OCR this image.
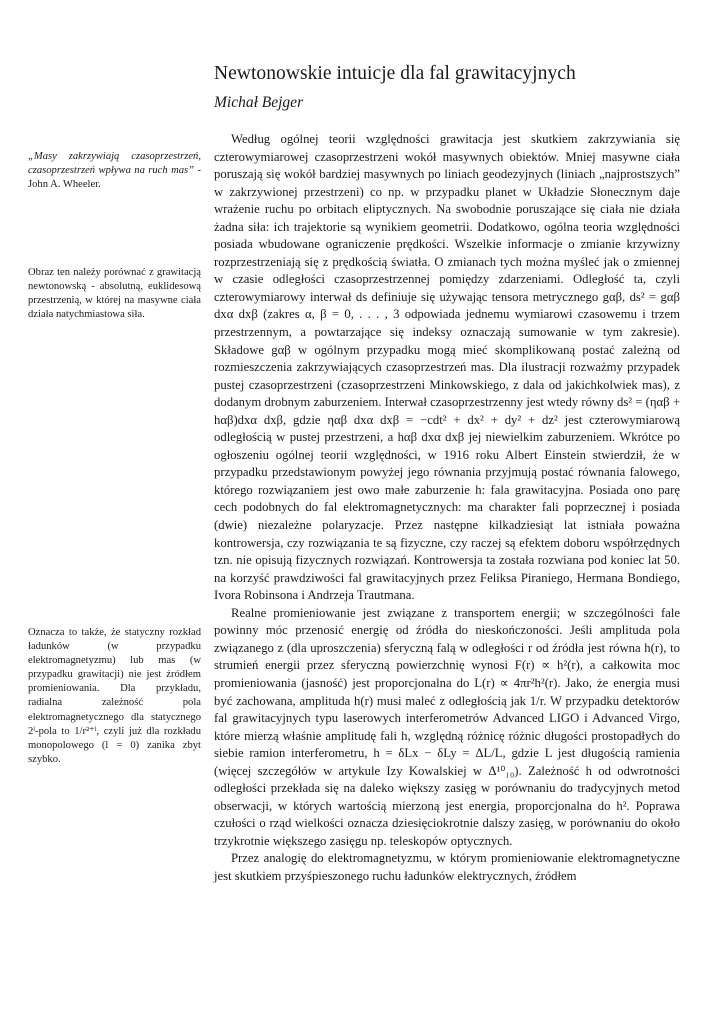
Newtonowskie intuicje dla fal grawitacyjnych
Michał Bejger
„Masy zakrzywiają czasoprzestrzeń, czasoprzestrzeń wpływa na ruch mas” - John A. Wheeler.
Obraz ten należy porównać z grawitacją newtonowską - absolutną, euklidesową przestrzenią, w której na masywne ciała działa natychmiastowa siła.
Oznacza to także, że statyczny rozkład ładunków (w przypadku elektromagnetyzmu) lub mas (w przypadku grawitacji) nie jest źródłem promieniowania. Dla przykładu, radialna zależność pola elektromagnetycznego dla statycznego 2ˡ-pola to 1/r²⁺ˡ, czyli już dla rozkładu monopolowego (l = 0) zanika zbyt szybko.

Według ogólnej teorii względności grawitacja jest skutkiem zakrzywiania się czterowymiarowej czasoprzestrzeni wokół masywnych obiektów. Mniej masywne ciała poruszają się wokół bardziej masywnych po liniach geodezyjnych (liniach „najprostszych” w zakrzywionej przestrzeni) co np. w przypadku planet w Układzie Słonecznym daje wrażenie ruchu po orbitach eliptycznych. Na swobodnie poruszające się ciała nie działa żadna siła: ich trajektorie są wynikiem geometrii. Dodatkowo, ogólna teoria względności posiada wbudowane ograniczenie prędkości. Wszelkie informacje o zmianie krzywizny rozprzestrzeniają się z prędkością światła. O zmianach tych można myśleć jak o zmiennej w czasie odległości czasoprzestrzennej pomiędzy zdarzeniami. Odległość ta, czyli czterowymiarowy interwał ds definiuje się używając tensora metrycznego gαβ, ds² = gαβ dxα dxβ (zakres α, β = 0, . . . , 3 odpowiada jednemu wymiarowi czasowemu i trzem przestrzennym, a powtarzające się indeksy oznaczają sumowanie w tym zakresie). Składowe gαβ w ogólnym przypadku mogą mieć skomplikowaną postać zależną od rozmieszczenia zakrzywiających czasoprzestrzeń mas. Dla ilustracji rozważmy przypadek pustej czasoprzestrzeni (czasoprzestrzeni Minkowskiego, z dala od jakichkolwiek mas), z dodanym drobnym zaburzeniem. Interwał czasoprzestrzenny jest wtedy równy ds² = (ηαβ + hαβ)dxα dxβ, gdzie ηαβ dxα dxβ = −cdt² + dx² + dy² + dz² jest czterowymiarową odległością w pustej przestrzeni, a hαβ dxα dxβ jej niewielkim zaburzeniem. Wkrótce po ogłoszeniu ogólnej teorii względności, w 1916 roku Albert Einstein stwierdził, że w przypadku przedstawionym powyżej jego równania przyjmują postać równania falowego, którego rozwiązaniem jest owo małe zaburzenie h: fala grawitacyjna. Posiada ono parę cech podobnych do fal elektromagnetycznych: ma charakter fali poprzecznej i posiada (dwie) niezależne polaryzacje. Przez następne kilkadziesiąt lat istniała poważna kontrowersja, czy rozwiązania te są fizyczne, czy raczej są efektem doboru współrzędnych tzn. nie opisują fizycznych rozwiązań. Kontrowersja ta została rozwiana pod koniec lat 50. na korzyść prawdziwości fal grawitacyjnych przez Feliksa Piraniego, Hermana Bondiego, Ivora Robinsona i Andrzeja Trautmana.

Realne promieniowanie jest związane z transportem energii; w szczególności fale powinny móc przenosić energię od źródła do nieskończoności. Jeśli amplituda pola związanego z (dla uproszczenia) sferyczną falą w odległości r od źródła jest równa h(r), to strumień energii przez sferyczną powierzchnię wynosi F(r) ∝ h²(r), a całkowita moc promieniowania (jasność) jest proporcjonalna do L(r) ∝ 4πr²h²(r). Jako, że energia musi być zachowana, amplituda h(r) musi maleć z odległością jak 1/r. W przypadku detektorów fal grawitacyjnych typu laserowych interferometrów Advanced LIGO i Advanced Virgo, które mierzą właśnie amplitudę fali h, względną różnicę różnic długości prostopadłych do siebie ramion interferometru, h = δLx − δLy = ΔL/L, gdzie L jest długością ramienia (więcej szczegółów w artykule Izy Kowalskiej w Δ¹⁰₁₀). Zależność h od odwrotności odległości przekłada się na daleko większy zasięg w porównaniu do tradycyjnych metod obserwacji, w których wartością mierzoną jest energia, proporcjonalna do h². Poprawa czułości o rząd wielkości oznacza dziesięciokrotnie dalszy zasięg, w porównaniu do około trzykrotnie większego zasięgu np. teleskopów optycznych.

Przez analogię do elektromagnetyzmu, w którym promieniowanie elektromagnetyczne jest skutkiem przyśpieszonego ruchu ładunków elektrycznych, źródłem
